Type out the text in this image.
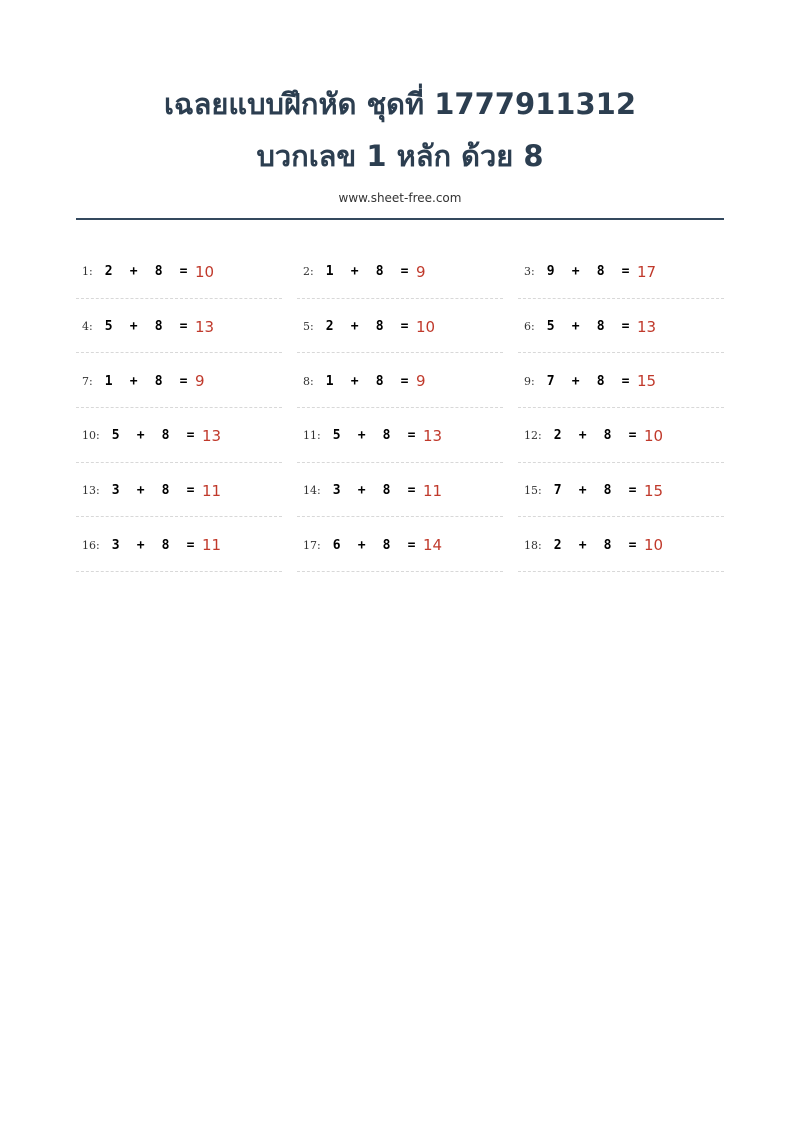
เฉลยแบบฝึกหัด ชุดที่ 1777911312
บวกเลข 1 หลัก ด้วย 8
www.sheet-free.com
1: 2 + 8 = 10	2: 1 + 8 = 9	3: 9 + 8 = 17
4: 5 + 8 = 13	5: 2 + 8 = 10	6: 5 + 8 = 13
7: 1 + 8 = 9	8: 1 + 8 = 9	9: 7 + 8 = 15
10: 5 + 8 = 13	11: 5 + 8 = 13	12: 2 + 8 = 10
13: 3 + 8 = 11	14: 3 + 8 = 11	15: 7 + 8 = 15
16: 3 + 8 = 11	17: 6 + 8 = 14	18: 2 + 8 = 10
